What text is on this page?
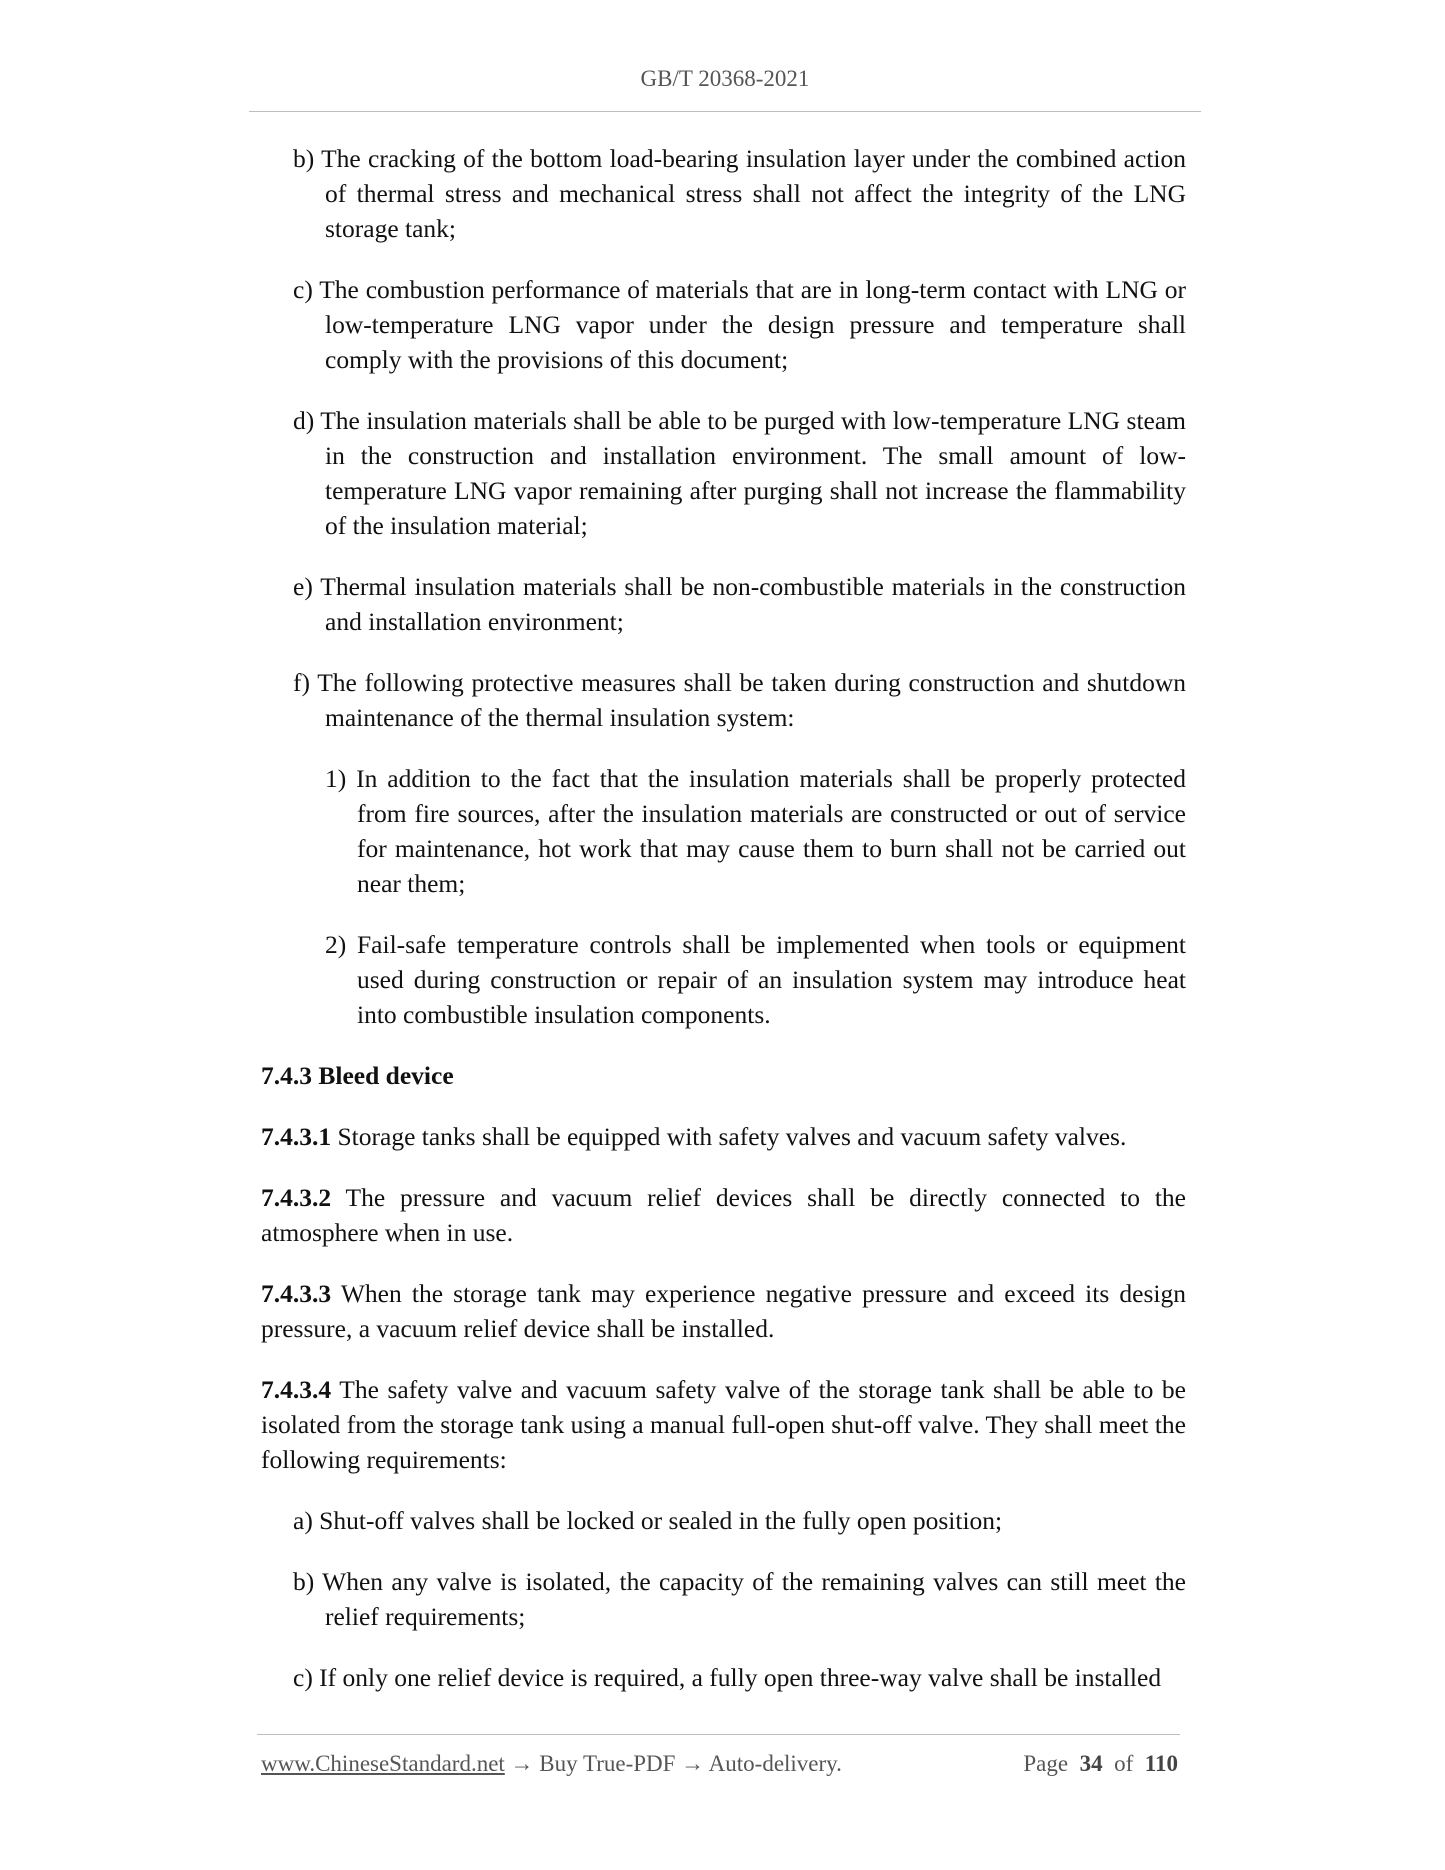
GB/T 20368-2021

b) The cracking of the bottom load-bearing insulation layer under the combined action of thermal stress and mechanical stress shall not affect the integrity of the LNG storage tank;

c) The combustion performance of materials that are in long-term contact with LNG or low-temperature LNG vapor under the design pressure and temperature shall comply with the provisions of this document;

d) The insulation materials shall be able to be purged with low-temperature LNG steam in the construction and installation environment. The small amount of low-temperature LNG vapor remaining after purging shall not increase the flammability of the insulation material;

e) Thermal insulation materials shall be non-combustible materials in the construction and installation environment;

f) The following protective measures shall be taken during construction and shutdown maintenance of the thermal insulation system:

1) In addition to the fact that the insulation materials shall be properly protected from fire sources, after the insulation materials are constructed or out of service for maintenance, hot work that may cause them to burn shall not be carried out near them;

2) Fail-safe temperature controls shall be implemented when tools or equipment used during construction or repair of an insulation system may introduce heat into combustible insulation components.

7.4.3 Bleed device

7.4.3.1 Storage tanks shall be equipped with safety valves and vacuum safety valves.

7.4.3.2 The pressure and vacuum relief devices shall be directly connected to the atmosphere when in use.

7.4.3.3 When the storage tank may experience negative pressure and exceed its design pressure, a vacuum relief device shall be installed.

7.4.3.4 The safety valve and vacuum safety valve of the storage tank shall be able to be isolated from the storage tank using a manual full-open shut-off valve. They shall meet the following requirements:

a) Shut-off valves shall be locked or sealed in the fully open position;

b) When any valve is isolated, the capacity of the remaining valves can still meet the relief requirements;

c) If only one relief device is required, a fully open three-way valve shall be installed

www.ChineseStandard.net → Buy True-PDF → Auto-delivery.	Page 34 of 110
